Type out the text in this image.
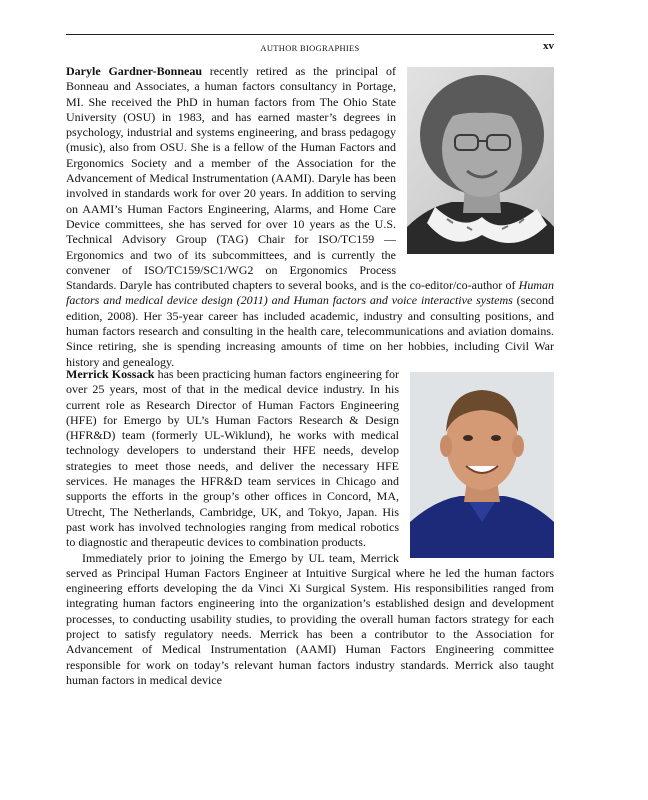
AUTHOR BIOGRAPHIES	xv

Daryle Gardner-Bonneau recently retired as the principal of Bonneau and Associates, a human factors consultancy in Portage, MI. She received the PhD in human factors from The Ohio State University (OSU) in 1983, and has earned master’s degrees in psychology, industrial and systems engineering, and brass pedagogy (music), also from OSU. She is a fellow of the Human Factors and Ergonomics Society and a member of the Association for the Advancement of Medical Instrumentation (AAMI). Daryle has been involved in standards work for over 20 years. In addition to serving on AAMI’s Human Factors Engineering, Alarms, and Home Care Device committees, she has served for over 10 years as the U.S. Technical Advisory Group (TAG) Chair for ISO/TC159 — Ergonomics and two of its subcommittees, and is currently the convener of ISO/TC159/SC1/WG2 on Ergonomics Process Standards. Daryle has contributed chapters to several books, and is the co-editor/co-author of Human factors and medical device design (2011) and Human factors and voice interactive systems (second edition, 2008). Her 35-year career has included academic, industry and consulting positions, and human factors research and consulting in the health care, telecommunications and aviation domains. Since retiring, she is spending increasing amounts of time on her hobbies, including Civil War history and genealogy.

Merrick Kossack has been practicing human factors engineering for over 25 years, most of that in the medical device industry. In his current role as Research Director of Human Factors Engineering (HFE) for Emergo by UL’s Human Factors Research & Design (HFR&D) team (formerly UL-Wiklund), he works with medical technology developers to understand their HFE needs, develop strategies to meet those needs, and deliver the necessary HFE services. He manages the HFR&D team services in Chicago and supports the efforts in the group’s other offices in Concord, MA, Utrecht, The Netherlands, Cambridge, UK, and Tokyo, Japan. His past work has involved technologies ranging from medical robotics to diagnostic and therapeutic devices to combination products.

Immediately prior to joining the Emergo by UL team, Merrick served as Principal Human Factors Engineer at Intuitive Surgical where he led the human factors engineering efforts developing the da Vinci Xi Surgical System. His responsibilities ranged from integrating human factors engineering into the organization’s established design and development processes, to conducting usability studies, to providing the overall human factors strategy for each project to satisfy regulatory needs. Merrick has been a contributor to the Association for Advancement of Medical Instrumentation (AAMI) Human Factors Engineering committee responsible for work on today’s relevant human factors industry standards. Merrick also taught human factors in medical device
